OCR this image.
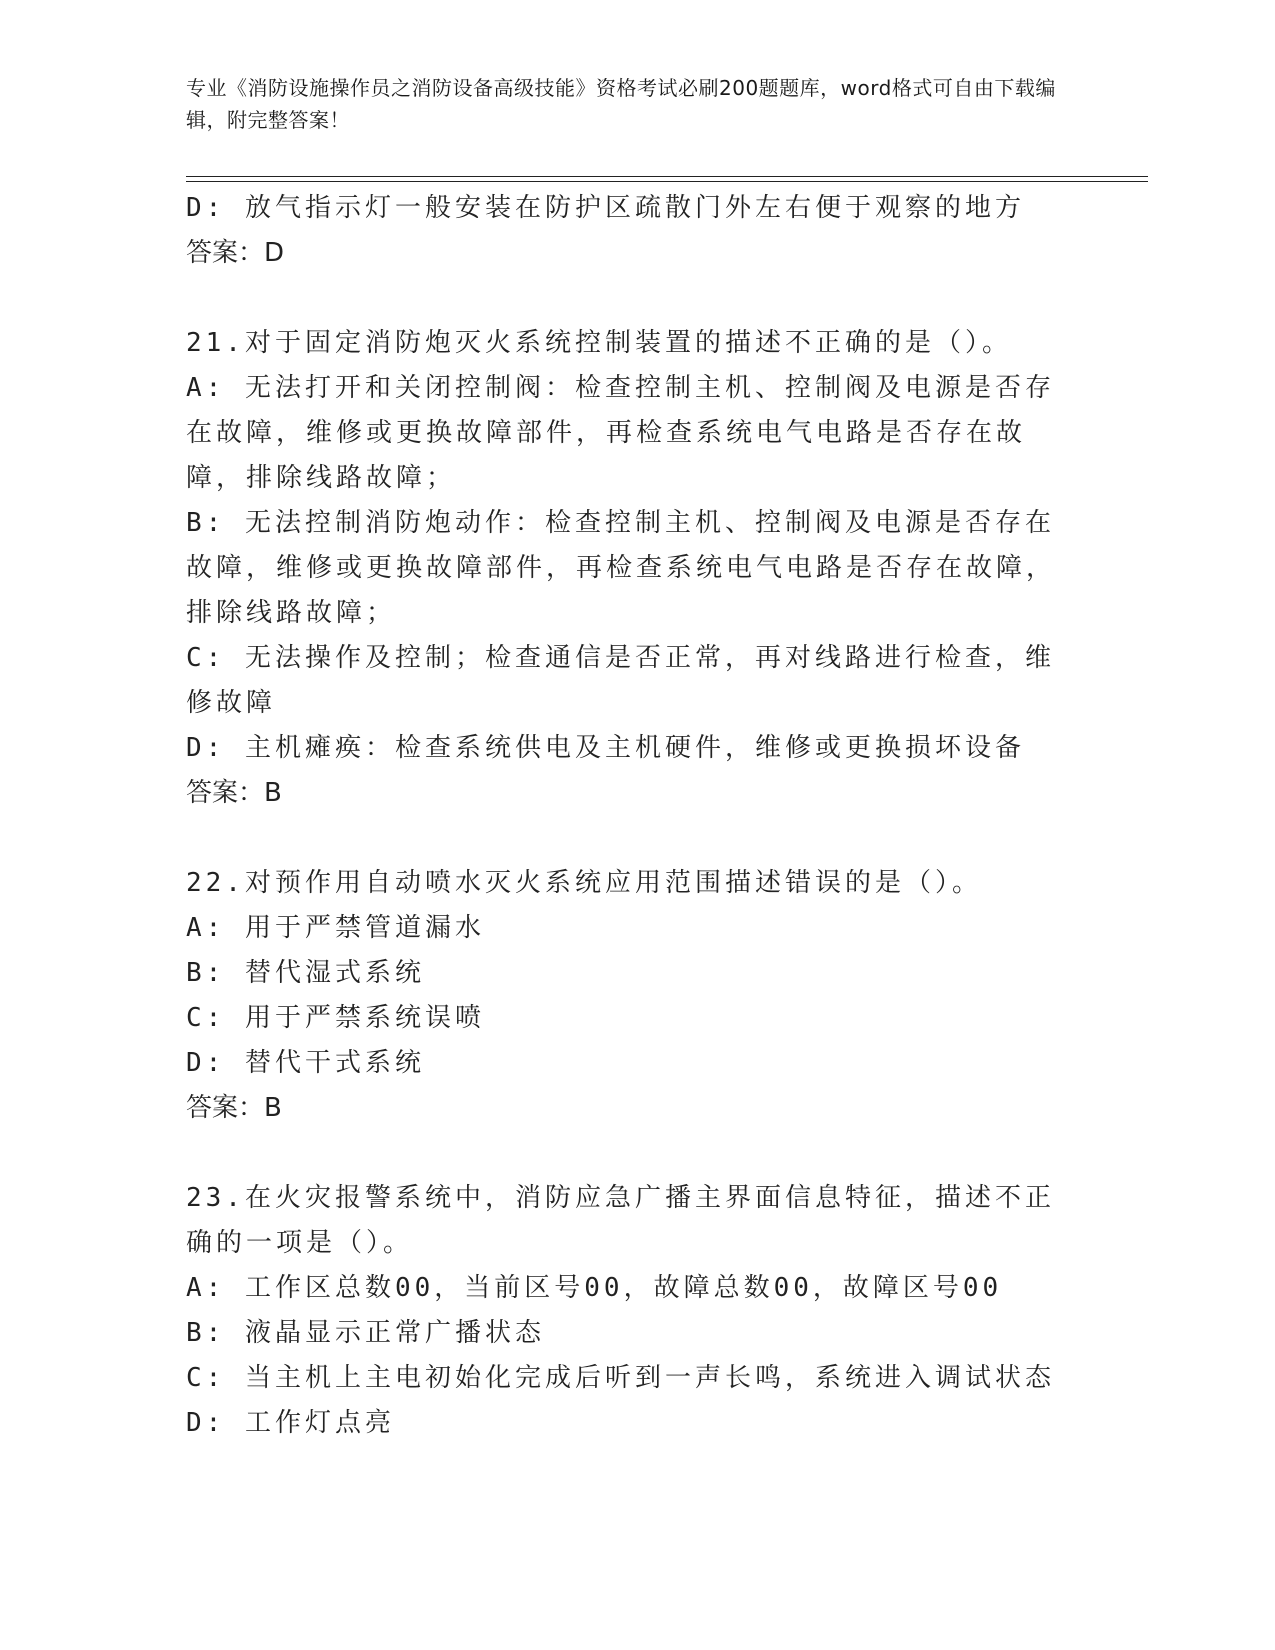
专业《消防设施操作员之消防设备高级技能》资格考试必刷200题题库，word格式可自由下载编辑，附完整答案！
D: 放气指示灯一般安装在防护区疏散门外左右便于观察的地方
答案：D
21.对于固定消防炮灭火系统控制装置的描述不正确的是（）。
A: 无法打开和关闭控制阀：检查控制主机、控制阀及电源是否存在故障，维修或更换故障部件，再检查系统电气电路是否存在故障，排除线路故障；
B: 无法控制消防炮动作：检查控制主机、控制阀及电源是否存在故障，维修或更换故障部件，再检查系统电气电路是否存在故障，排除线路故障；
C: 无法操作及控制；检查通信是否正常，再对线路进行检查，维修故障
D: 主机瘫痪：检查系统供电及主机硬件，维修或更换损坏设备
答案：B
22.对预作用自动喷水灭火系统应用范围描述错误的是（）。
A: 用于严禁管道漏水
B: 替代湿式系统
C: 用于严禁系统误喷
D: 替代干式系统
答案：B
23.在火灾报警系统中，消防应急广播主界面信息特征，描述不正确的一项是（）。
A: 工作区总数00，当前区号00，故障总数00，故障区号00
B: 液晶显示正常广播状态
C: 当主机上主电初始化完成后听到一声长鸣，系统进入调试状态
D: 工作灯点亮
